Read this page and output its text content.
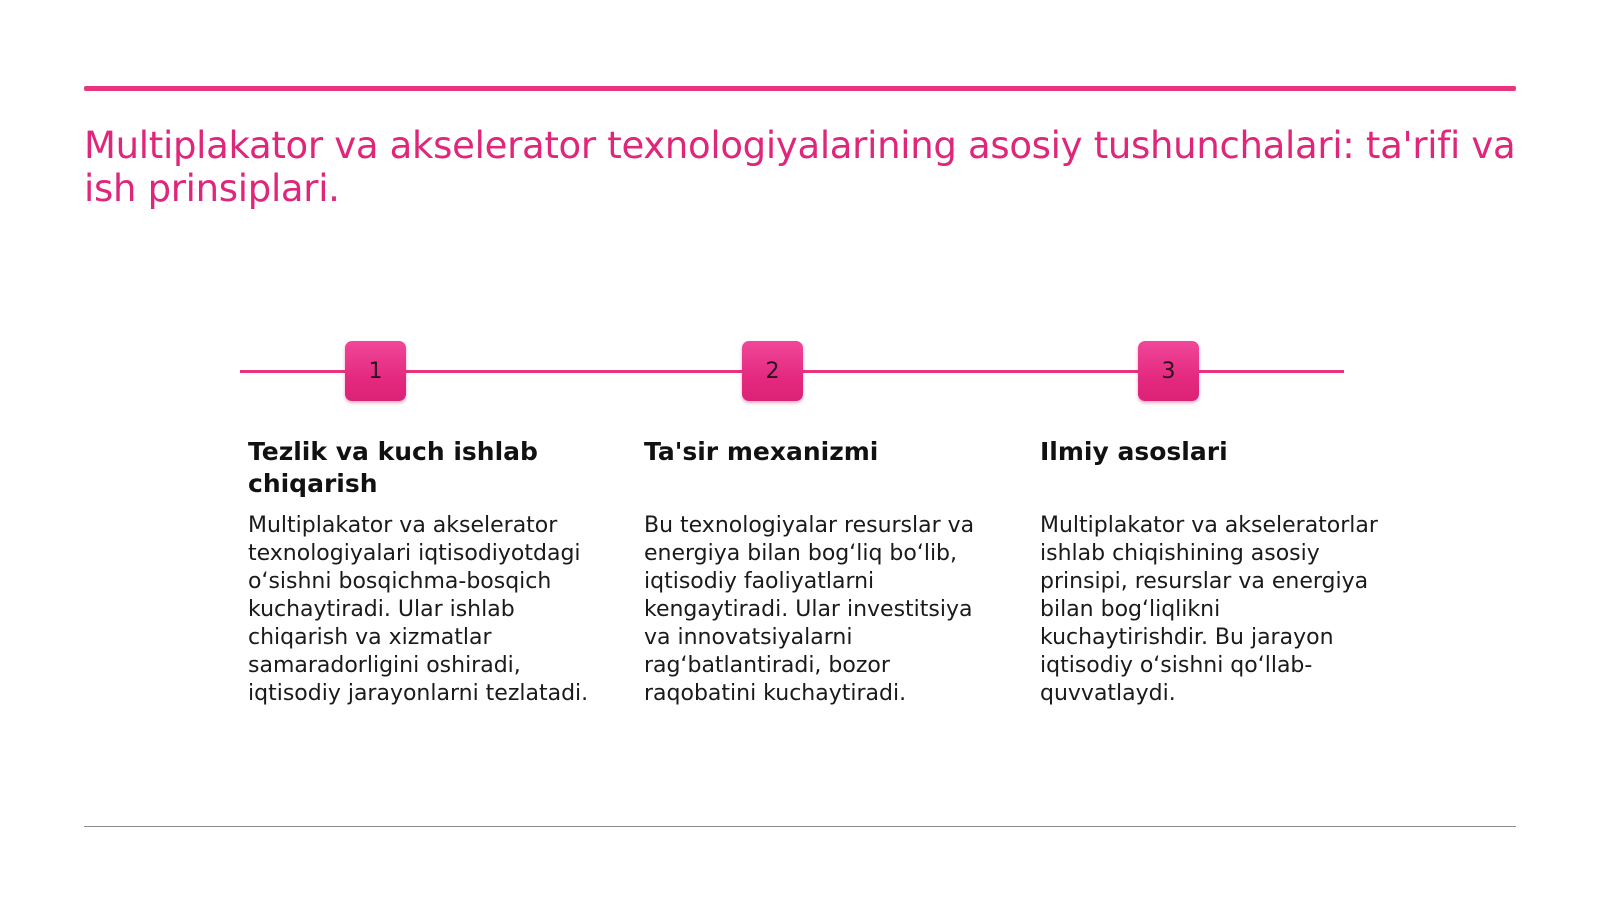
Multiplakator va akselerator texnologiyalarining asosiy tushunchalari: ta'rifi va ish prinsiplari.
1	2	3
Tezlik va kuch ishlab chiqarish

Multiplakator va akselerator texnologiyalari iqtisodiyotdagi o‘sishni bosqichma-bosqich kuchaytiradi. Ular ishlab chiqarish va xizmatlar samaradorligini oshiradi, iqtisodiy jarayonlarni tezlatadi.

Ta'sir mexanizmi

Bu texnologiyalar resurslar va energiya bilan bog‘liq bo‘lib, iqtisodiy faoliyatlarni kengaytiradi. Ular investitsiya va innovatsiyalarni rag‘batlantiradi, bozor raqobatini kuchaytiradi.

Ilmiy asoslari

Multiplakator va akseleratorlar ishlab chiqishining asosiy prinsipi, resurslar va energiya bilan bog‘liqlikni kuchaytirishdir. Bu jarayon iqtisodiy o‘sishni qo‘llab-quvvatlaydi.
